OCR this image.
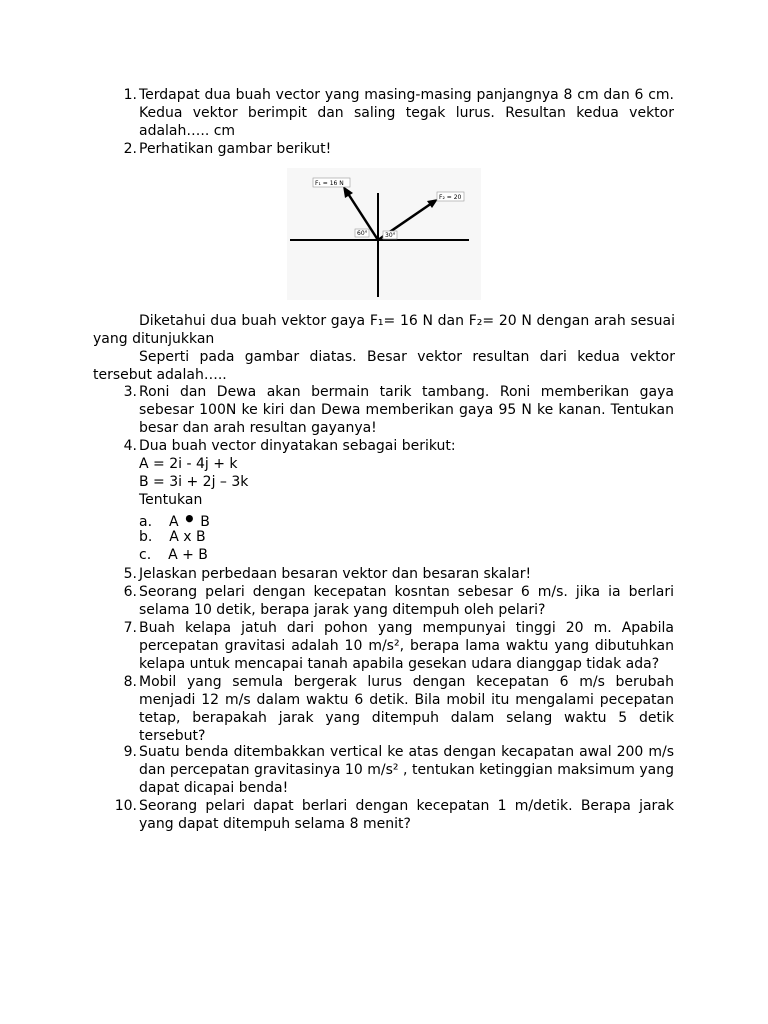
1. Terdapat dua buah vector yang masing-masing panjangnya 8 cm dan 6 cm. Kedua vektor berimpit dan saling tegak lurus. Resultan kedua vektor adalah….. cm
2. Perhatikan gambar berikut!
F₁ = 16 N
F₂ = 20
60°	30°
Diketahui dua buah vektor gaya F₁= 16 N dan F₂= 20 N dengan arah sesuai yang ditunjukkan
Seperti pada gambar diatas. Besar vektor resultan dari kedua vektor tersebut adalah…..
3. Roni dan Dewa akan bermain tarik tambang. Roni memberikan gaya sebesar 100N ke kiri dan Dewa memberikan gaya 95 N ke kanan. Tentukan besar dan arah resultan gayanya!
4. Dua buah vector dinyatakan sebagai berikut:
A = 2i - 4j + k
B = 3i + 2j – 3k
Tentukan
a. A • B
b. A x B
c. A + B
5. Jelaskan perbedaan besaran vektor dan besaran skalar!
6. Seorang pelari dengan kecepatan kosntan sebesar 6 m/s. jika ia berlari selama 10 detik, berapa jarak yang ditempuh oleh pelari?
7. Buah kelapa jatuh dari pohon yang mempunyai tinggi 20 m. Apabila percepatan gravitasi adalah 10 m/s², berapa lama waktu yang dibutuhkan kelapa untuk mencapai tanah apabila gesekan udara dianggap tidak ada?
8. Mobil yang semula bergerak lurus dengan kecepatan 6 m/s berubah menjadi 12 m/s dalam waktu 6 detik. Bila mobil itu mengalami pecepatan tetap, berapakah jarak yang ditempuh dalam selang waktu 5 detik tersebut?
9. Suatu benda ditembakkan vertical ke atas dengan kecapatan awal 200 m/s dan percepatan gravitasinya 10 m/s² , tentukan ketinggian maksimum yang dapat dicapai benda!
10. Seorang pelari dapat berlari dengan kecepatan 1 m/detik. Berapa jarak yang dapat ditempuh selama 8 menit?
